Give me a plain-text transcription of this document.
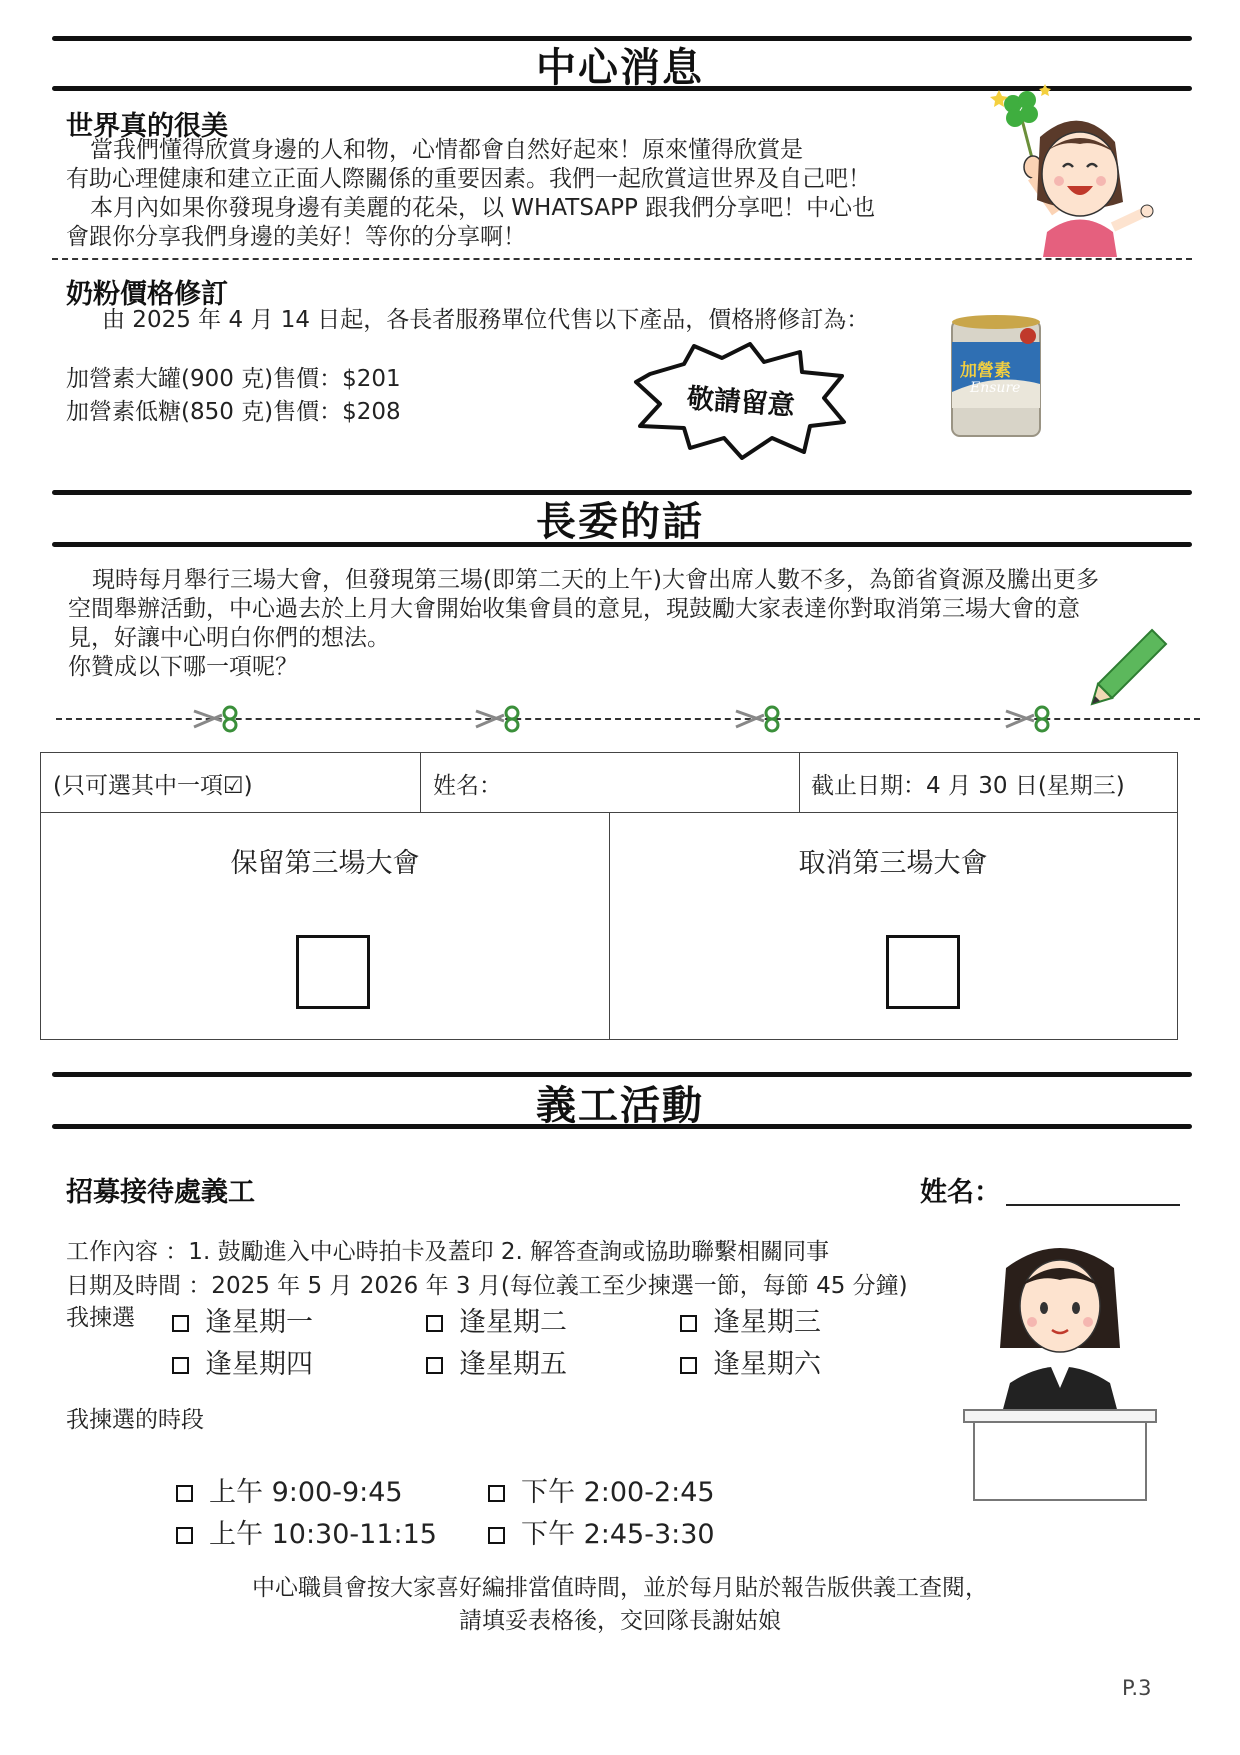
中心消息
世界真的很美
當我們懂得欣賞身邊的人和物，心情都會自然好起來！原來懂得欣賞是
有助心理健康和建立正面人際關係的重要因素。我們一起欣賞這世界及自己吧！
本月內如果你發現身邊有美麗的花朵，以 WHATSAPP 跟我們分享吧！中心也
會跟你分享我們身邊的美好！等你的分享啊！
奶粉價格修訂
由 2025 年 4 月 14 日起，各長者服務單位代售以下產品，價格將修訂為：
加營素大罐(900 克)售價：$201
加營素低糖(850 克)售價：$208	敬請留意
加營素
Ensure
長委的話
現時每月舉行三場大會，但發現第三場(即第二天的上午)大會出席人數不多，為節省資源及騰出更多
空間舉辦活動，中心過去於上月大會開始收集會員的意見，現鼓勵大家表達你對取消第三場大會的意
見，好讓中心明白你們的想法。
你贊成以下哪一項呢？
(只可選其中一項☑)	姓名：	截止日期：4 月 30 日(星期三)
保留第三場大會	取消第三場大會
義工活動
招募接待處義工	姓名：
工作內容 ：1. 鼓勵進入中心時拍卡及蓋印 2. 解答查詢或協助聯繫相關同事
日期及時間 ：2025 年 5 月 2026 年 3 月(每位義工至少揀選一節，每節 45 分鐘)
我揀選	逢星期一	逢星期二	逢星期三
逢星期四	逢星期五	逢星期六
我揀選的時段
上午 9:00-9:45	下午 2:00-2:45
上午 10:30-11:15	下午 2:45-3:30
中心職員會按大家喜好編排當值時間，並於每月貼於報告版供義工查閱，
請填妥表格後，交回隊長謝姑娘
P.3
